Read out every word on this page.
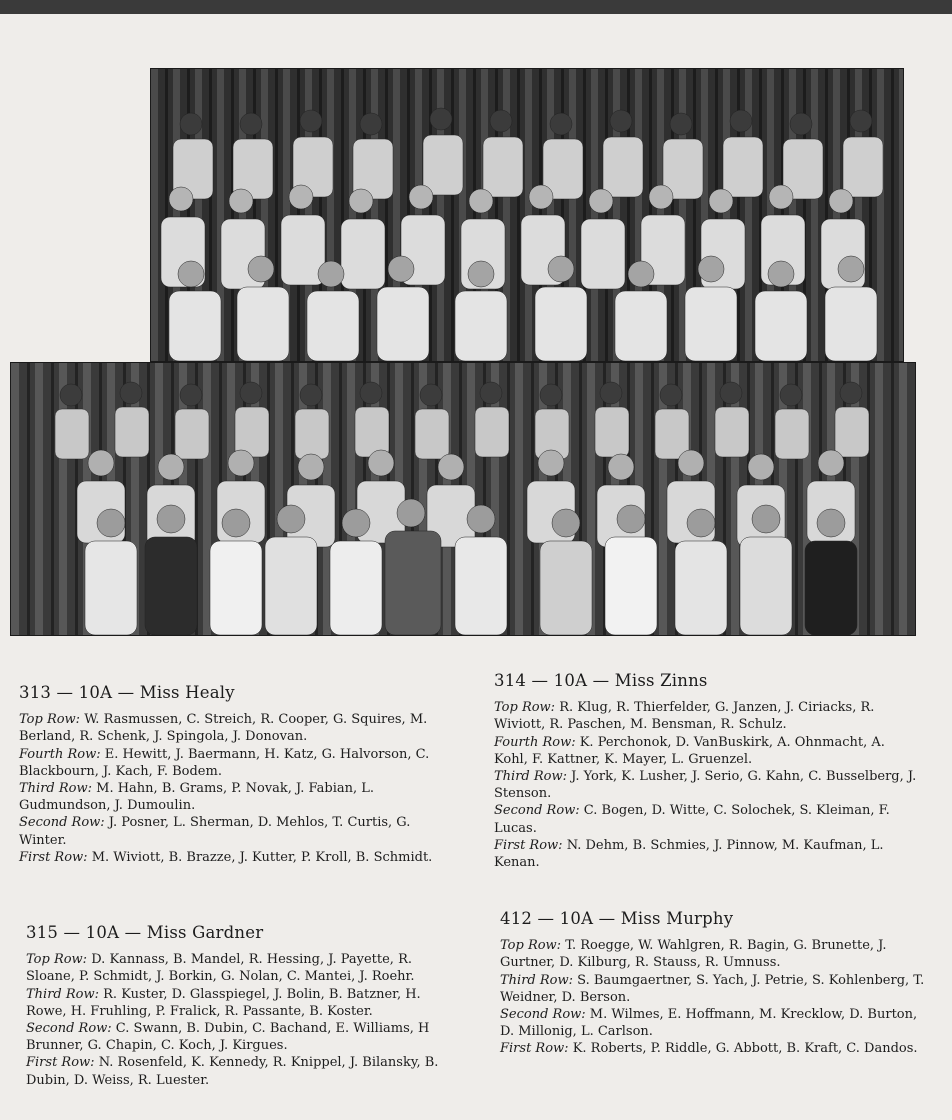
313 — 10A — Miss Healy

Top Row: W. Rasmussen, C. Streich, R. Cooper, G. Squires, M. Berland, R. Schenk, J. Spingola, J. Donovan.

Fourth Row: E. Hewitt, J. Baermann, H. Katz, G. Halvorson, C. Blackbourn, J. Kach, F. Bodem.

Third Row: M. Hahn, B. Grams, P. Novak, J. Fabian, L. Gudmundson, J. Dumoulin.

Second Row: J. Posner, L. Sherman, D. Mehlos, T. Curtis, G. Winter.

First Row: M. Wiviott, B. Brazze, J. Kutter, P. Kroll, B. Schmidt.

314 — 10A — Miss Zinns

Top Row: R. Klug, R. Thierfelder, G. Janzen, J. Ciriacks, R. Wiviott, R. Paschen, M. Bensman, R. Schulz.

Fourth Row: K. Perchonok, D. VanBuskirk, A. Ohnmacht, A. Kohl, F. Kattner, K. Mayer, L. Gruenzel.

Third Row: J. York, K. Lusher, J. Serio, G. Kahn, C. Busselberg, J. Stenson.

Second Row: C. Bogen, D. Witte, C. Solochek, S. Kleiman, F. Lucas.

First Row: N. Dehm, B. Schmies, J. Pinnow, M. Kaufman, L. Kenan.

315 — 10A — Miss Gardner

Top Row: D. Kannass, B. Mandel, R. Hessing, J. Payette, R. Sloane, P. Schmidt, J. Borkin, G. Nolan, C. Mantei, J. Roehr.

Third Row: R. Kuster, D. Glasspiegel, J. Bolin, B. Batzner, H. Rowe, H. Fruhling, P. Fralick, R. Passante, B. Koster.

Second Row: C. Swann, B. Dubin, C. Bachand, E. Williams, H Brunner, G. Chapin, C. Koch, J. Kirgues.

First Row: N. Rosenfeld, K. Kennedy, R. Knippel, J. Bilansky, B. Dubin, D. Weiss, R. Luester.

412 — 10A — Miss Murphy

Top Row: T. Roegge, W. Wahlgren, R. Bagin, G. Brunette, J. Gurtner, D. Kilburg, R. Stauss, R. Umnuss.

Third Row: S. Baumgaertner, S. Yach, J. Petrie, S. Kohlenberg, T. Weidner, D. Berson.

Second Row: M. Wilmes, E. Hoffmann, M. Krecklow, D. Burton, D. Millonig, L. Carlson.

First Row: K. Roberts, P. Riddle, G. Abbott, B. Kraft, C. Dandos.
